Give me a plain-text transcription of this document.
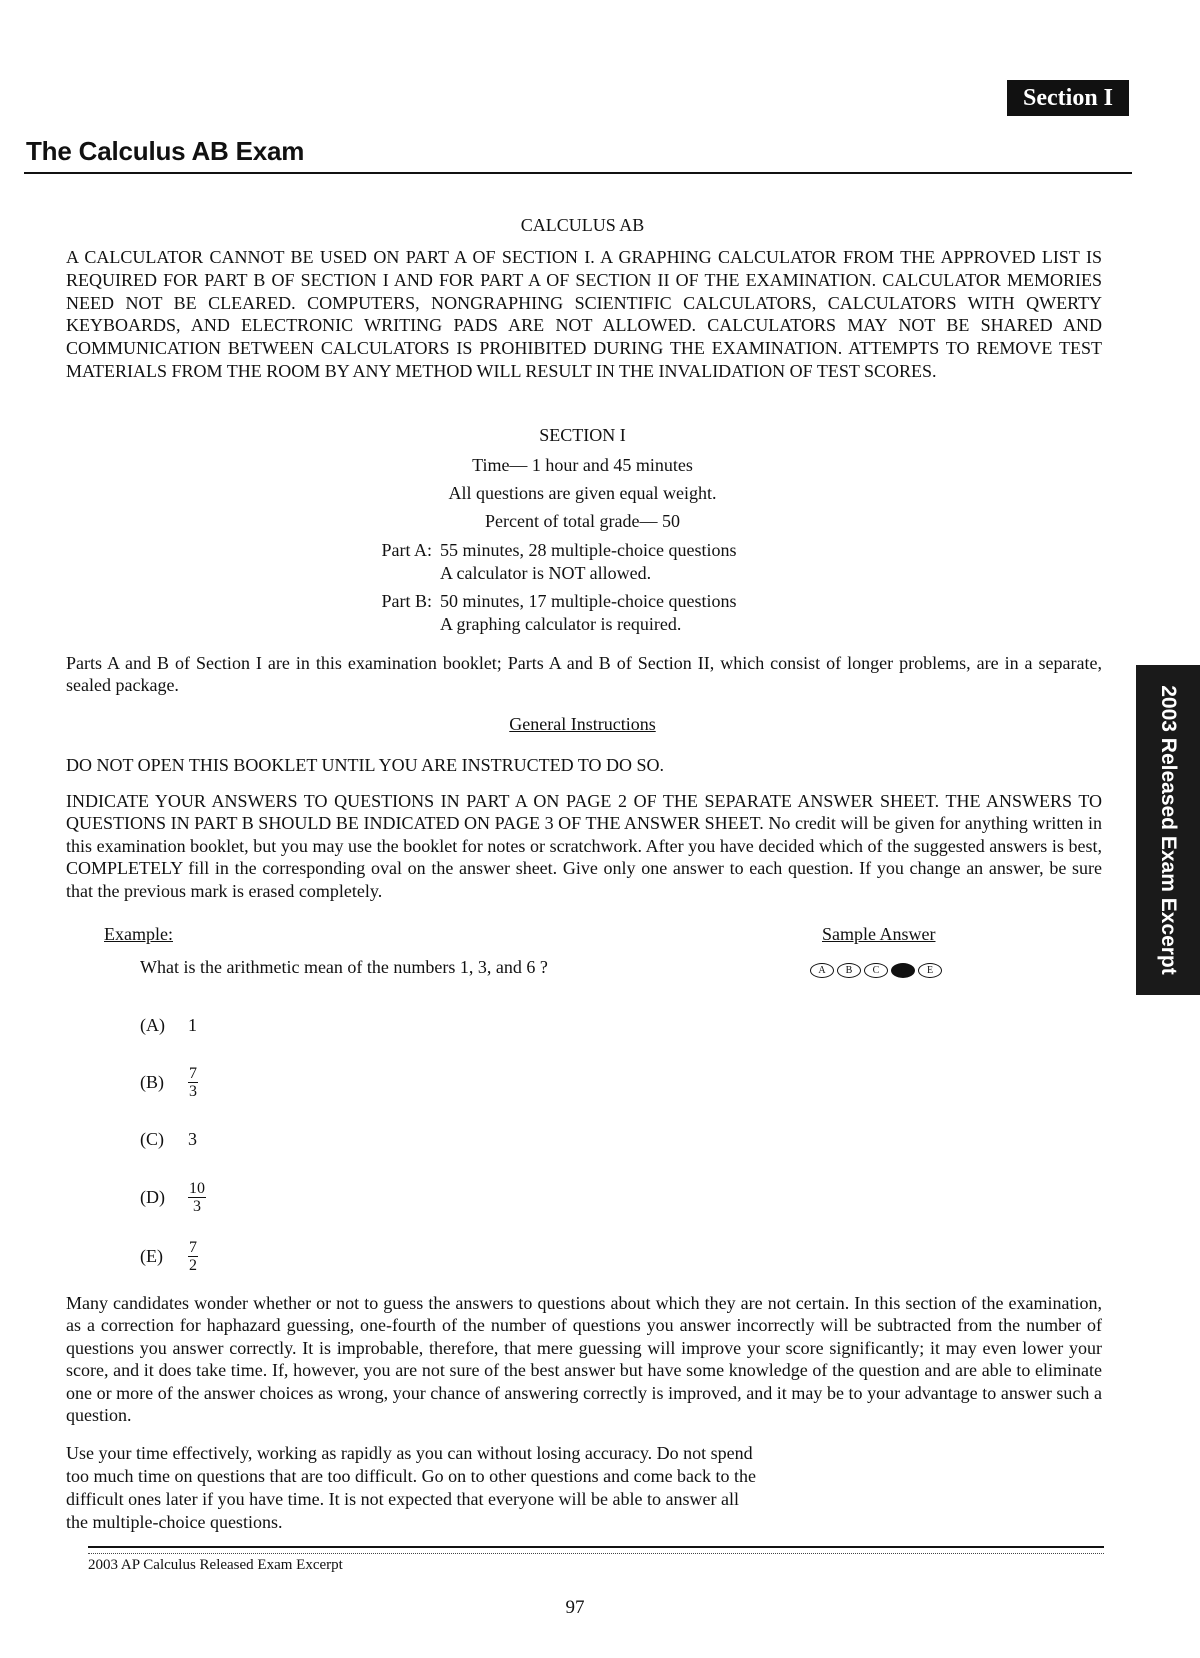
Section I
The Calculus AB Exam
CALCULUS AB
A CALCULATOR CANNOT BE USED ON PART A OF SECTION I. A GRAPHING CALCULATOR FROM THE APPROVED LIST IS REQUIRED FOR PART B OF SECTION I AND FOR PART A OF SECTION II OF THE EXAMINATION. CALCULATOR MEMORIES NEED NOT BE CLEARED. COMPUTERS, NONGRAPHING SCIENTIFIC CALCULATORS, CALCULATORS WITH QWERTY KEYBOARDS, AND ELECTRONIC WRITING PADS ARE NOT ALLOWED. CALCULATORS MAY NOT BE SHARED AND COMMUNICATION BETWEEN CALCULATORS IS PROHIBITED DURING THE EXAMINATION. ATTEMPTS TO REMOVE TEST MATERIALS FROM THE ROOM BY ANY METHOD WILL RESULT IN THE INVALIDATION OF TEST SCORES.
SECTION I
Time— 1 hour and 45 minutes
All questions are given equal weight.
Percent of total grade— 50
Part A: 55 minutes, 28 multiple-choice questions
A calculator is NOT allowed.
Part B: 50 minutes, 17 multiple-choice questions
A graphing calculator is required.
Parts A and B of Section I are in this examination booklet; Parts A and B of Section II, which consist of longer problems, are in a separate, sealed package.
General Instructions
DO NOT OPEN THIS BOOKLET UNTIL YOU ARE INSTRUCTED TO DO SO.
INDICATE YOUR ANSWERS TO QUESTIONS IN PART A ON PAGE 2 OF THE SEPARATE ANSWER SHEET. THE ANSWERS TO QUESTIONS IN PART B SHOULD BE INDICATED ON PAGE 3 OF THE ANSWER SHEET. No credit will be given for anything written in this examination booklet, but you may use the booklet for notes or scratchwork. After you have decided which of the suggested answers is best, COMPLETELY fill in the corresponding oval on the answer sheet. Give only one answer to each question. If you change an answer, be sure that the previous mark is erased completely.	2003 Released Exam Excerpt
Example:	Sample Answer
What is the arithmetic mean of the numbers 1, 3, and 6 ?	A	B	C	D	E
(A)	1
(B)	$\frac{7}{3}$
(C)	3
(D)	$\frac{10}{3}$
(E)	$\frac{7}{2}$
Many candidates wonder whether or not to guess the answers to questions about which they are not certain. In this section of the examination, as a correction for haphazard guessing, one-fourth of the number of questions you answer incorrectly will be subtracted from the number of questions you answer correctly. It is improbable, therefore, that mere guessing will improve your score significantly; it may even lower your score, and it does take time. If, however, you are not sure of the best answer but have some knowledge of the question and are able to eliminate one or more of the answer choices as wrong, your chance of answering correctly is improved, and it may be to your advantage to answer such a question.
Use your time effectively, working as rapidly as you can without losing accuracy. Do not spend
too much time on questions that are too difficult. Go on to other questions and come back to the
difficult ones later if you have time. It is not expected that everyone will be able to answer all
the multiple-choice questions.
2003 AP Calculus Released Exam Excerpt
97
